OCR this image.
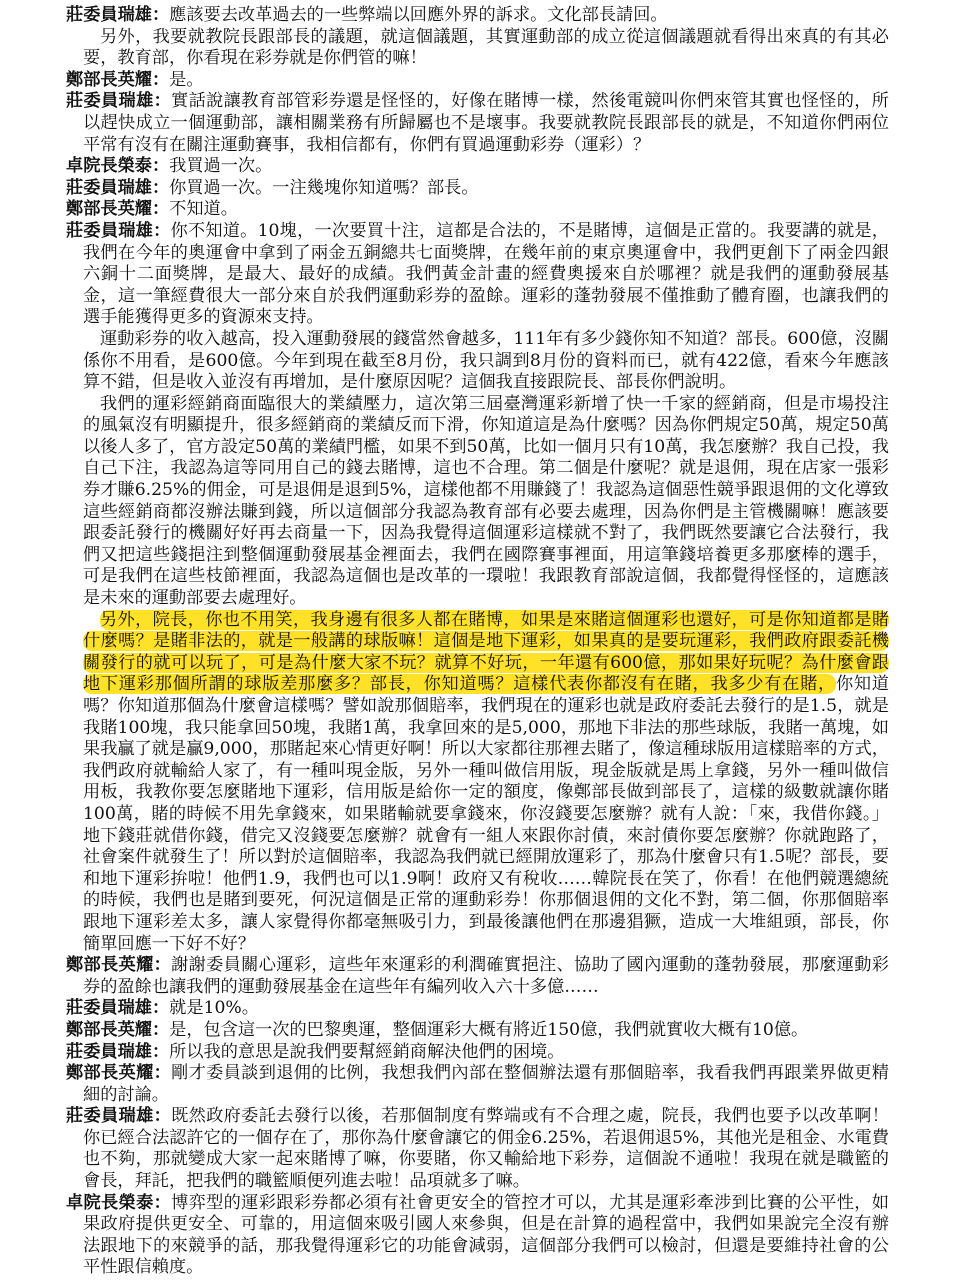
莊委員瑞雄：應該要去改革過去的一些弊端以回應外界的訴求。文化部長請回。

另外，我要就教院長跟部長的議題，就這個議題，其實運動部的成立從這個議題就看得出來真的有其必要，教育部，你看現在彩券就是你們管的嘛！

鄭部長英耀：是。

莊委員瑞雄：實話說讓教育部管彩券還是怪怪的，好像在賭博一樣，然後電競叫你們來管其實也怪怪的，所以趕快成立一個運動部，讓相關業務有所歸屬也不是壞事。我要就教院長跟部長的就是，不知道你們兩位平常有沒有在關注運動賽事，我相信都有，你們有買過運動彩券（運彩）？

卓院長榮泰：我買過一次。

莊委員瑞雄：你買過一次。一注幾塊你知道嗎？部長。

鄭部長英耀：不知道。

莊委員瑞雄：你不知道。10塊，一次要買十注，這都是合法的，不是賭博，這個是正當的。我要講的就是，我們在今年的奧運會中拿到了兩金五銅總共七面獎牌，在幾年前的東京奧運會中，我們更創下了兩金四銀六銅十二面獎牌，是最大、最好的成績。我們黃金計畫的經費奧援來自於哪裡？就是我們的運動發展基金，這一筆經費很大一部分來自於我們運動彩券的盈餘。運彩的蓬勃發展不僅推動了體育圈，也讓我們的選手能獲得更多的資源來支持。

運動彩券的收入越高，投入運動發展的錢當然會越多，111年有多少錢你知不知道？部長。600億，沒關係你不用看，是600億。今年到現在截至8月份，我只調到8月份的資料而已，就有422億，看來今年應該算不錯，但是收入並沒有再增加，是什麼原因呢？這個我直接跟院長、部長你們說明。

我們的運彩經銷商面臨很大的業績壓力，這次第三屆臺灣運彩新增了快一千家的經銷商，但是市場投注的風氣沒有明顯提升，很多經銷商的業績反而下滑，你知道這是為什麼嗎？因為你們規定50萬，規定50萬以後人多了，官方設定50萬的業績門檻，如果不到50萬，比如一個月只有10萬，我怎麼辦？我自己投，我自己下注，我認為這等同用自己的錢去賭博，這也不合理。第二個是什麼呢？就是退佣，現在店家一張彩券才賺6.25%的佣金，可是退佣是退到5%，這樣他都不用賺錢了！我認為這個惡性競爭跟退佣的文化導致這些經銷商都沒辦法賺到錢，所以這個部分我認為教育部有必要去處理，因為你們是主管機關嘛！應該要跟委託發行的機關好好再去商量一下，因為我覺得這個運彩這樣就不對了，我們既然要讓它合法發行，我們又把這些錢挹注到整個運動發展基金裡面去，我們在國際賽事裡面，用這筆錢培養更多那麼棒的選手，可是我們在這些枝節裡面，我認為這個也是改革的一環啦！我跟教育部說這個，我都覺得怪怪的，這應該是未來的運動部要去處理好。

另外，院長，你也不用笑，我身邊有很多人都在賭博，如果是來賭這個運彩也還好，可是你知道都是賭什麼嗎？是賭非法的，就是一般講的球版嘛！這個是地下運彩，如果真的是要玩運彩，我們政府跟委託機關發行的就可以玩了，可是為什麼大家不玩？就算不好玩，一年還有600億，那如果好玩呢？為什麼會跟地下運彩那個所謂的球版差那麼多？部長，你知道嗎？這樣代表你都沒有在賭，我多少有在賭，你知道嗎？你知道那個為什麼會這樣嗎？譬如說那個賠率，我們現在的運彩也就是政府委託去發行的是1.5，就是我賭100塊，我只能拿回50塊，我賭1萬，我拿回來的是5,000，那地下非法的那些球版，我賭一萬塊，如果我贏了就是贏9,000，那賭起來心情更好啊！所以大家都往那裡去賭了，像這種球版用這樣賠率的方式，我們政府就輸給人家了，有一種叫現金版，另外一種叫做信用版，現金版就是馬上拿錢，另外一種叫做信用板，我教你要怎麼賭地下運彩，信用版是給你一定的額度，像鄭部長做到部長了，這樣的級數就讓你賭100萬，賭的時候不用先拿錢來，如果賭輸就要拿錢來，你沒錢要怎麼辦？就有人說：「來，我借你錢。」地下錢莊就借你錢，借完又沒錢要怎麼辦？就會有一組人來跟你討債，來討債你要怎麼辦？你就跑路了，社會案件就發生了！所以對於這個賠率，我認為我們就已經開放運彩了，那為什麼會只有1.5呢？部長，要和地下運彩拚啦！他們1.9，我們也可以1.9啊！政府又有稅收……韓院長在笑了，你看！在他們競選總統的時候，我們也是賭到要死，何況這個是正常的運動彩券！你那個退佣的文化不對，第二個，你那個賠率跟地下運彩差太多，讓人家覺得你都毫無吸引力，到最後讓他們在那邊猖獗，造成一大堆組頭，部長，你簡單回應一下好不好？

鄭部長英耀：謝謝委員關心運彩，這些年來運彩的利潤確實挹注、協助了國內運動的蓬勃發展，那麼運動彩券的盈餘也讓我們的運動發展基金在這些年有編列收入六十多億……

莊委員瑞雄：就是10%。

鄭部長英耀：是，包含這一次的巴黎奧運，整個運彩大概有將近150億，我們就實收大概有10億。

莊委員瑞雄：所以我的意思是說我們要幫經銷商解決他們的困境。

鄭部長英耀：剛才委員談到退佣的比例，我想我們內部在整個辦法還有那個賠率，我看我們再跟業界做更精細的討論。

莊委員瑞雄：既然政府委託去發行以後，若那個制度有弊端或有不合理之處，院長，我們也要予以改革啊！你已經合法認許它的一個存在了，那你為什麼會讓它的佣金6.25%，若退佣退5%，其他光是租金、水電費也不夠，那就變成大家一起來賭博了嘛，你要賭，你又輸給地下彩券，這個說不通啦！我現在就是職籃的會長，拜託，把我們的職籃順便列進去啦！品項就多了嘛。

卓院長榮泰：博弈型的運彩跟彩券都必須有社會更安全的管控才可以，尤其是運彩牽涉到比賽的公平性，如果政府提供更安全、可靠的，用這個來吸引國人來參與，但是在計算的過程當中，我們如果說完全沒有辦法跟地下的來競爭的話，那我覺得運彩它的功能會減弱，這個部分我們可以檢討，但還是要維持社會的公平性跟信賴度。
